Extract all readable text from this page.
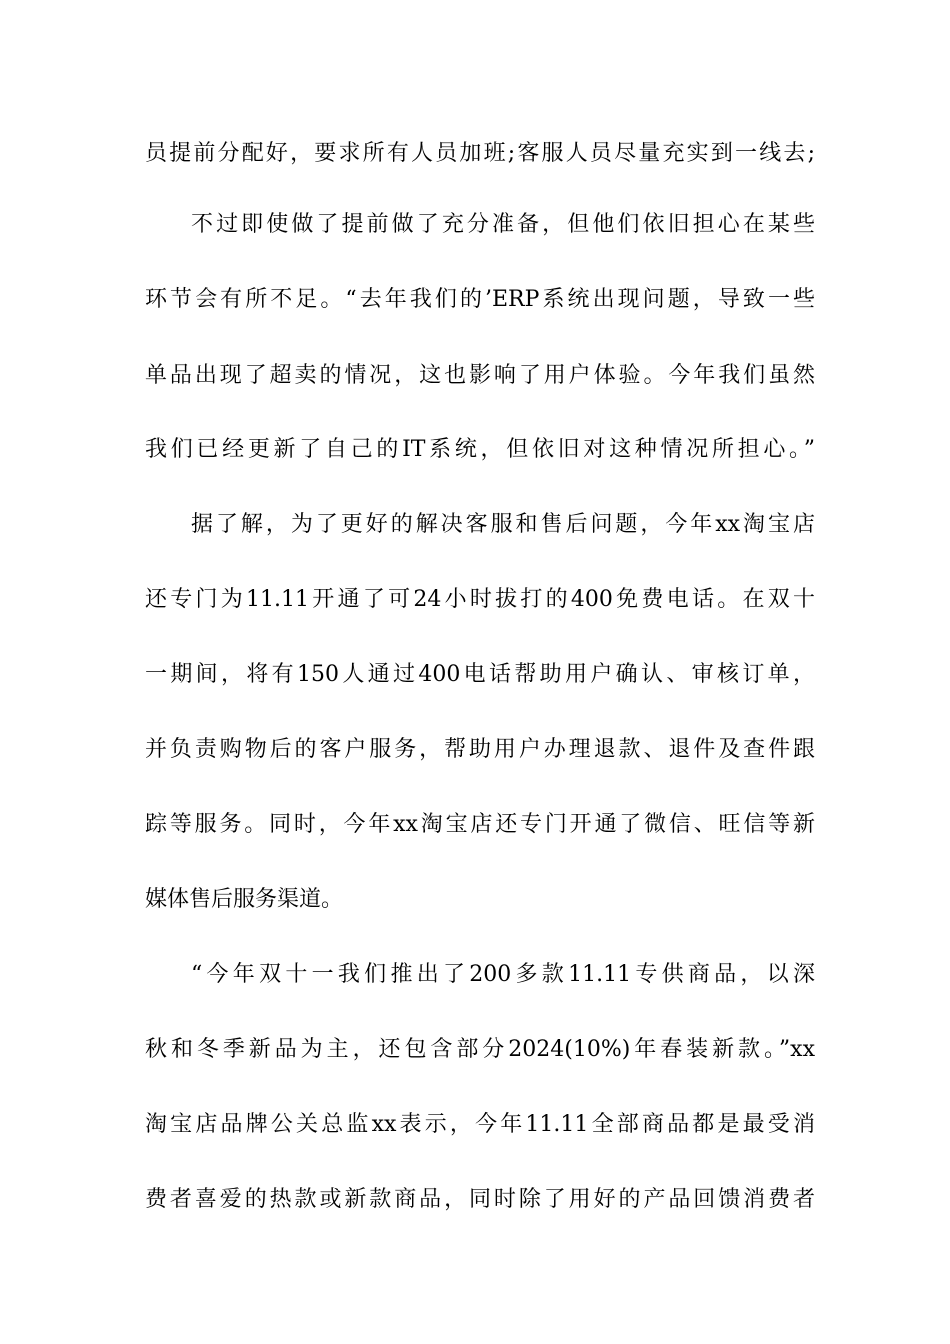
员提前分配好，要求所有人员加班;客服人员尽量充实到一线去;
不过即使做了提前做了充分准备，但他们依旧担心在某些
环节会有所不足。“去年我们的’ERP系统出现问题，导致一些
单品出现了超卖的情况，这也影响了用户体验。今年我们虽然
我们已经更新了自己的IT系统，但依旧对这种情况所担心。”
据了解，为了更好的解决客服和售后问题，今年xx淘宝店
还专门为11.11开通了可24小时拔打的400免费电话。在双十
一期间，将有150人通过400电话帮助用户确认、审核订单，
并负责购物后的客户服务，帮助用户办理退款、退件及查件跟
踪等服务。同时，今年xx淘宝店还专门开通了微信、旺信等新
媒体售后服务渠道。
“今年双十一我们推出了200多款11.11专供商品，以深
秋和冬季新品为主，还包含部分2024(10%)年春装新款。”xx
淘宝店品牌公关总监xx表示，今年11.11全部商品都是最受消
费者喜爱的热款或新款商品，同时除了用好的产品回馈消费者
